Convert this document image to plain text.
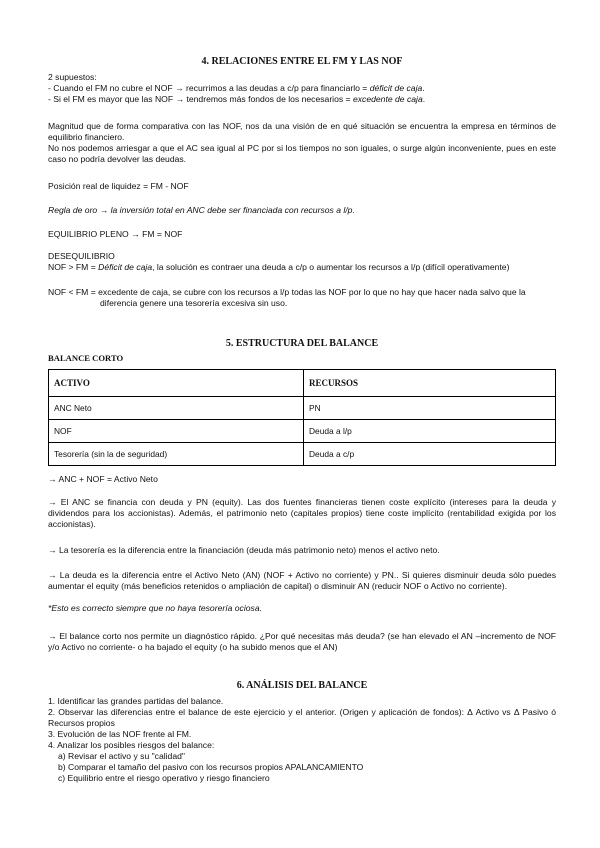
4. RELACIONES ENTRE EL FM Y LAS NOF
2 supuestos:
- Cuando el FM no cubre el NOF → recurrimos a las deudas a c/p para financiarlo = déficit de caja.
- Si el FM es mayor que las NOF → tendremos más fondos de los necesarios = excedente de caja.
Magnitud que de forma comparativa con las NOF, nos da una visión de en qué situación se encuentra la empresa en términos de equilibrio financiero.
No nos podemos arriesgar a que el AC sea igual al PC por si los tiempos no son iguales, o surge algún inconveniente, pues en este caso no podría devolver las deudas.
Posición real de liquidez = FM - NOF
Regla de oro → la inversión total en ANC debe ser financiada con recursos a l/p.
EQUILIBRIO PLENO → FM = NOF
DESEQUILIBRIO
NOF > FM = Déficit de caja, la solución es contraer una deuda a c/p o aumentar los recursos a l/p (difícil operativamente)
NOF < FM = excedente de caja, se cubre con los recursos a l/p todas las NOF por lo que no hay que hacer nada salvo que la diferencia genere una tesorería excesiva sin uso.
5. ESTRUCTURA DEL BALANCE
BALANCE CORTO
ACTIVO	RECURSOS
ANC Neto	PN
NOF	Deuda a l/p
Tesorería (sin la de seguridad)	Deuda a c/p
→ ANC + NOF = Activo Neto
→ El ANC se financia con deuda y PN (equity). Las dos fuentes financieras tienen coste explícito (intereses para la deuda y dividendos para los accionistas). Además, el patrimonio neto (capitales propios) tiene coste implícito (rentabilidad exigida por los accionistas).
→ La tesorería es la diferencia entre la financiación (deuda más patrimonio neto) menos el activo neto.
→ La deuda es la diferencia entre el Activo Neto (AN) (NOF + Activo no corriente) y PN.. Si quieres disminuir deuda sólo puedes aumentar el equity (más beneficios retenidos o ampliación de capital) o disminuir AN (reducir NOF o Activo no corriente).
*Esto es correcto siempre que no haya tesorería ociosa.
→ El balance corto nos permite un diagnóstico rápido. ¿Por qué necesitas más deuda? (se han elevado el AN –incremento de NOF y/o Activo no corriente- o ha bajado el equity (o ha subido menos que el AN)
6. ANÁLISIS DEL BALANCE
1. Identificar las grandes partidas del balance.
2. Observar las diferencias entre el balance de este ejercicio y el anterior. (Origen y aplicación de fondos): Δ Activo vs Δ Pasivo ó Recursos propios
3. Evolución de las NOF frente al FM.
4. Analizar los posibles riesgos del balance:
a) Revisar el activo y su "calidad"
b) Comparar el tamaño del pasivo con los recursos propios APALANCAMIENTO
c) Equilibrio entre el riesgo operativo y riesgo financiero
